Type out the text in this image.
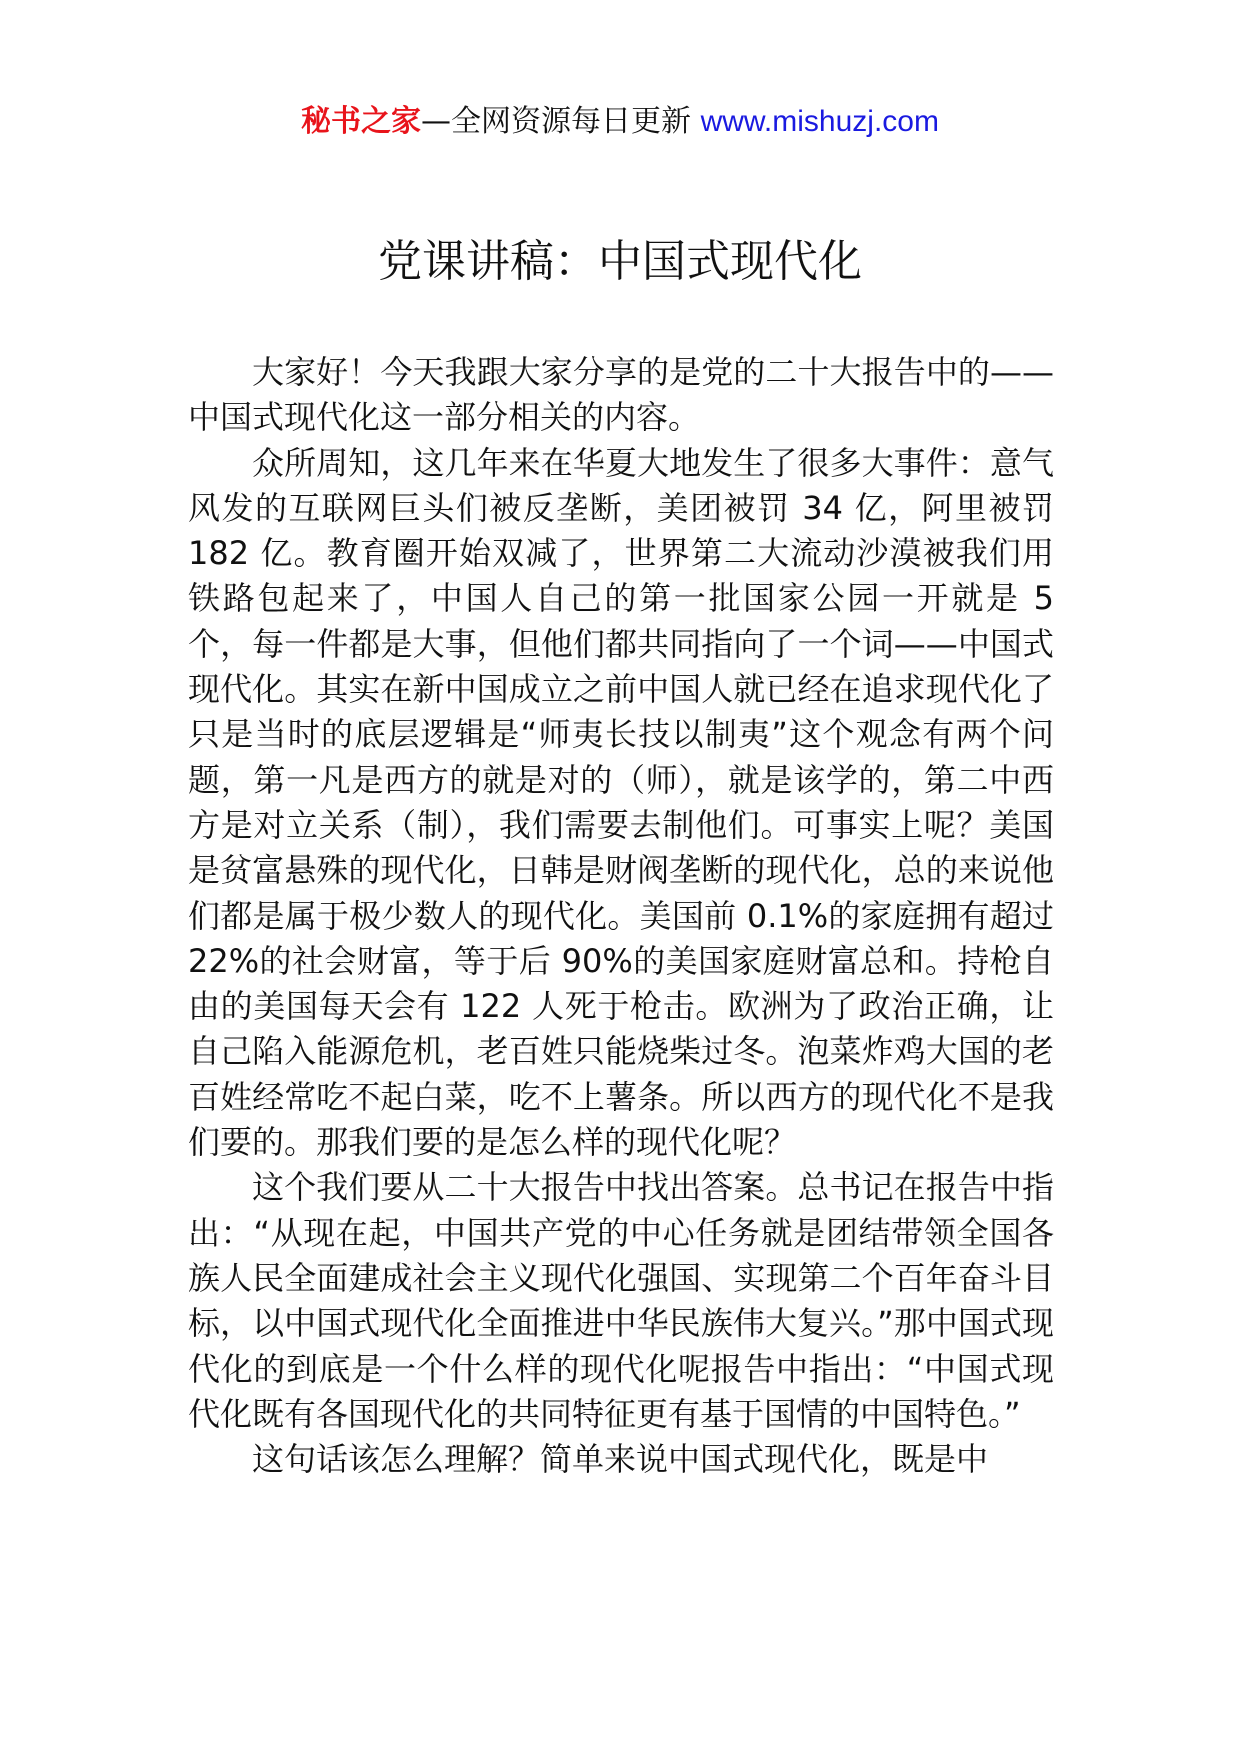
秘书之家—全网资源每日更新 www.mishuzj.com
党课讲稿：中国式现代化

大家好！今天我跟大家分享的是党的二十大报告中的——中国式现代化这一部分相关的内容。

众所周知，这几年来在华夏大地发生了很多大事件：意气风发的互联网巨头们被反垄断，美团被罚 34 亿，阿里被罚 182 亿。教育圈开始双减了，世界第二大流动沙漠被我们用铁路包起来了，中国人自己的第一批国家公园一开就是 5 个，每一件都是大事，但他们都共同指向了一个词——中国式现代化。其实在新中国成立之前中国人就已经在追求现代化了只是当时的底层逻辑是“师夷长技以制夷”这个观念有两个问题，第一凡是西方的就是对的（师），就是该学的，第二中西方是对立关系（制），我们需要去制他们。可事实上呢？美国是贫富悬殊的现代化，日韩是财阀垄断的现代化，总的来说他们都是属于极少数人的现代化。美国前 0.1%的家庭拥有超过 22%的社会财富，等于后 90%的美国家庭财富总和。持枪自由的美国每天会有 122 人死于枪击。欧洲为了政治正确，让自己陷入能源危机，老百姓只能烧柴过冬。泡菜炸鸡大国的老百姓经常吃不起白菜，吃不上薯条。所以西方的现代化不是我们要的。那我们要的是怎么样的现代化呢？

这个我们要从二十大报告中找出答案。总书记在报告中指出：“从现在起，中国共产党的中心任务就是团结带领全国各族人民全面建成社会主义现代化强国、实现第二个百年奋斗目标，以中国式现代化全面推进中华民族伟大复兴。”那中国式现代化的到底是一个什么样的现代化呢报告中指出：“中国式现代化既有各国现代化的共同特征更有基于国情的中国特色。”

这句话该怎么理解？简单来说中国式现代化，既是中
